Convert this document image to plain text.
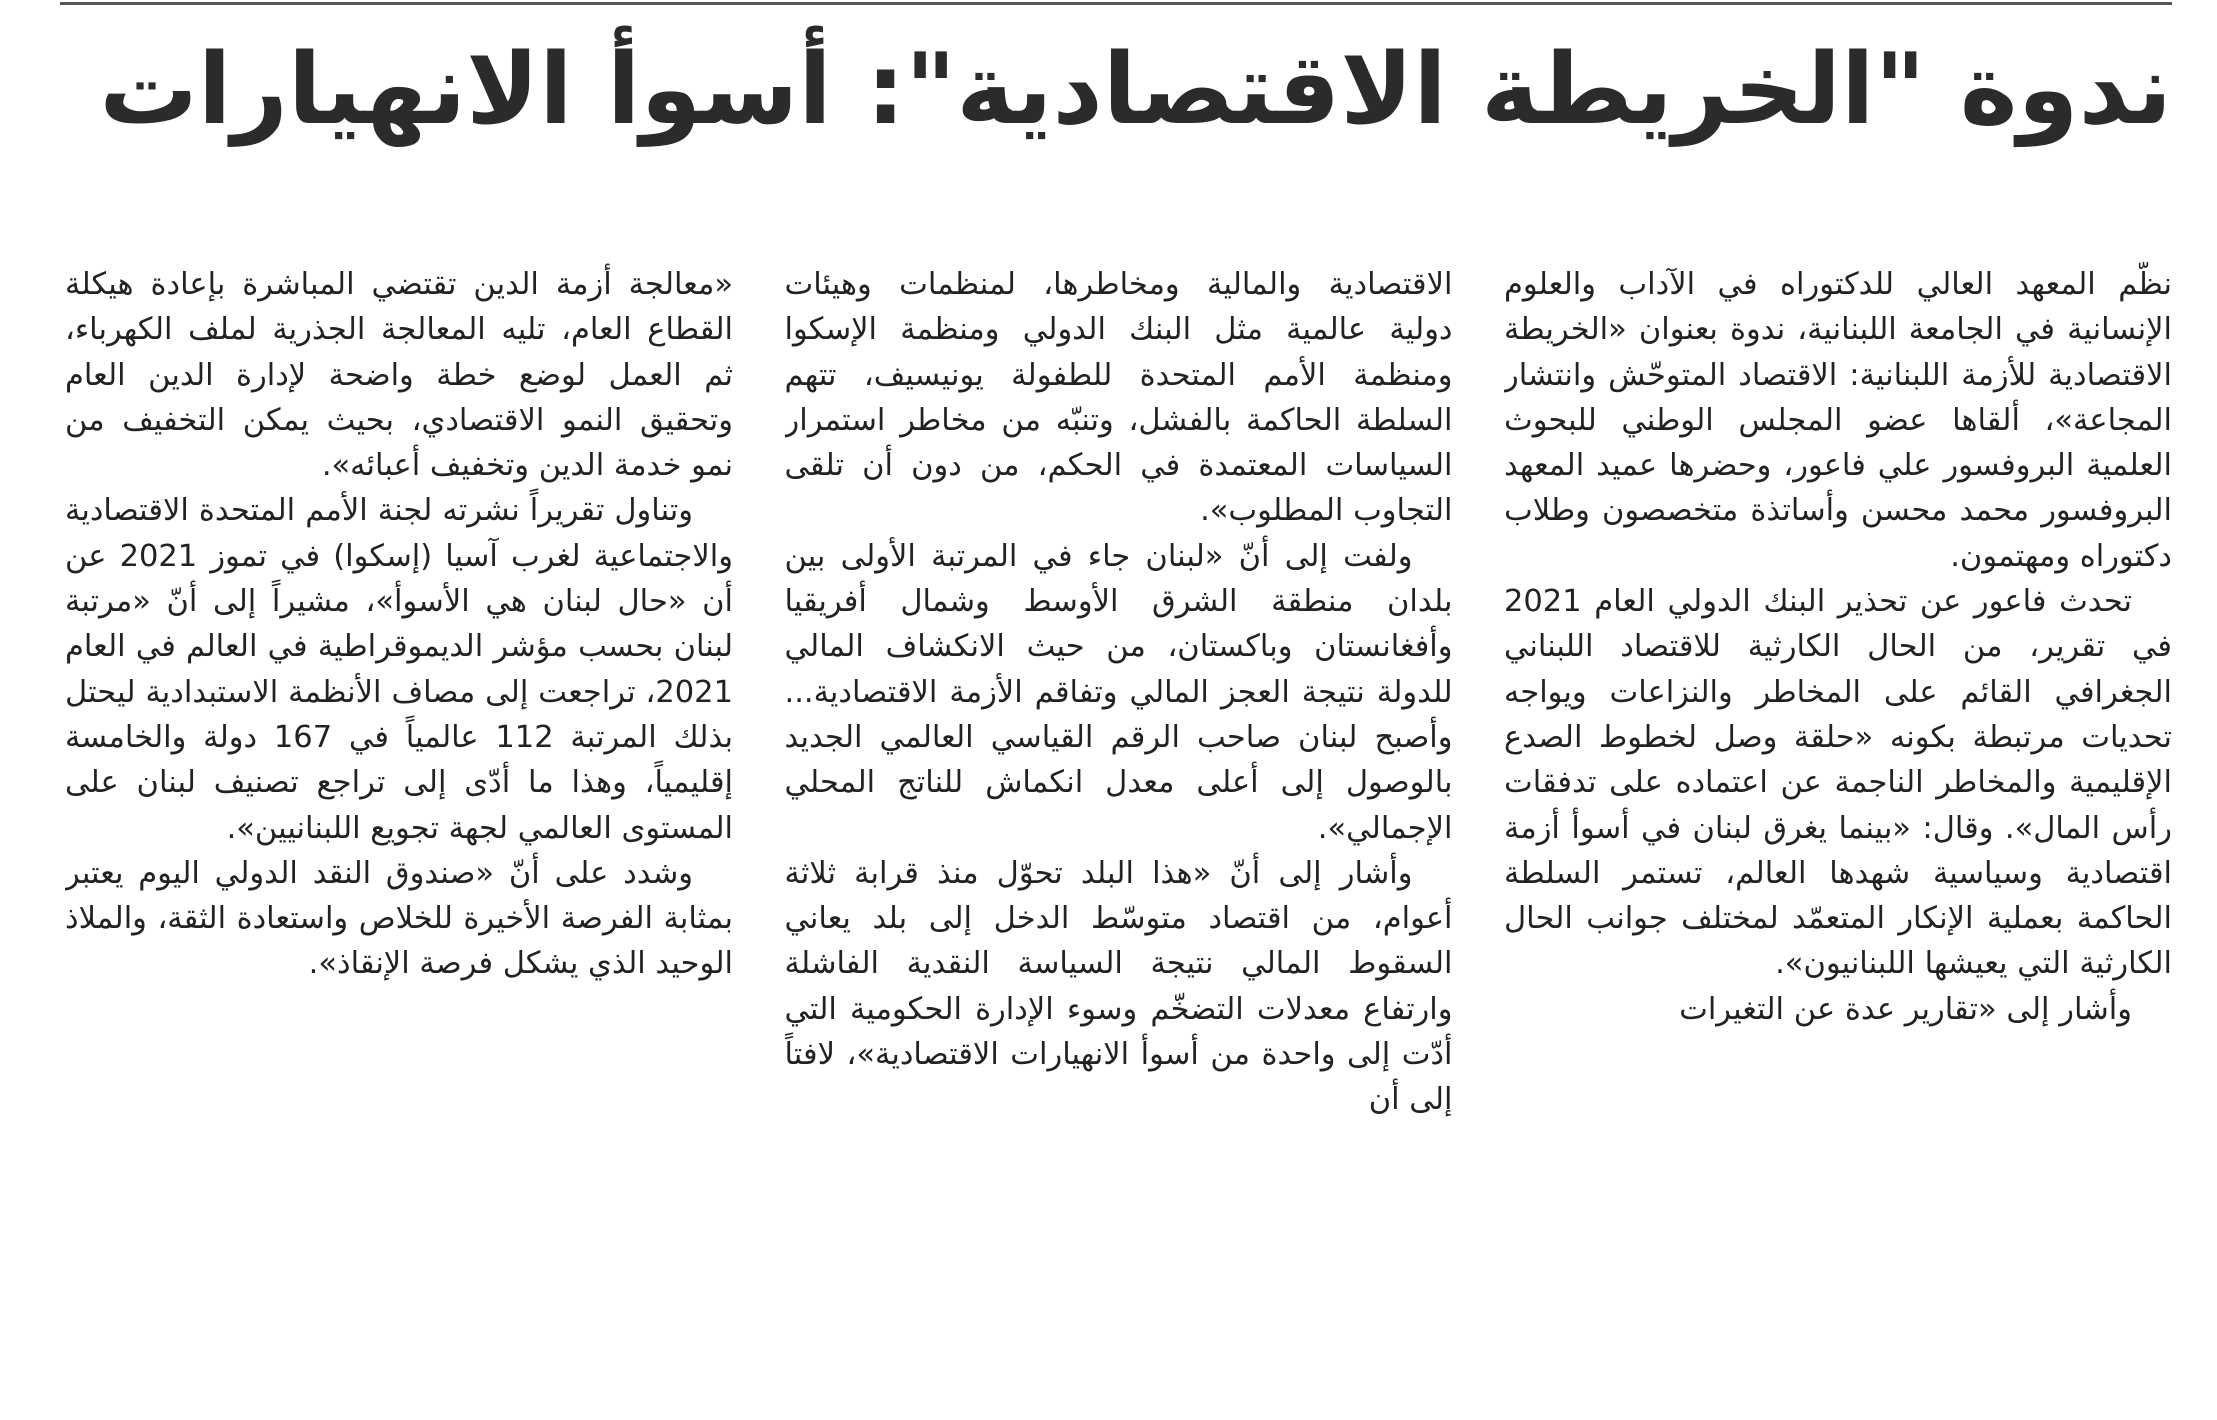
ندوة "الخريطة الاقتصادية": أسوأ الانهيارات

نظّم المعهد العالي للدكتوراه في الآداب والعلوم الإنسانية في الجامعة اللبنانية، ندوة بعنوان «الخريطة الاقتصادية للأزمة اللبنانية: الاقتصاد المتوحّش وانتشار المجاعة»، ألقاها عضو المجلس الوطني للبحوث العلمية البروفسور علي فاعور، وحضرها عميد المعهد البروفسور محمد محسن وأساتذة متخصصون وطلاب دكتوراه ومهتمون.

تحدث فاعور عن تحذير البنك الدولي العام 2021 في تقرير، من الحال الكارثية للاقتصاد اللبناني الجغرافي القائم على المخاطر والنزاعات ويواجه تحديات مرتبطة بكونه «حلقة وصل لخطوط الصدع الإقليمية والمخاطر الناجمة عن اعتماده على تدفقات رأس المال». وقال: «بينما يغرق لبنان في أسوأ أزمة اقتصادية وسياسية شهدها العالم، تستمر السلطة الحاكمة بعملية الإنكار المتعمّد لمختلف جوانب الحال الكارثية التي يعيشها اللبنانيون».

وأشار إلى «تقارير عدة عن التغيرات

الاقتصادية والمالية ومخاطرها، لمنظمات وهيئات دولية عالمية مثل البنك الدولي ومنظمة الإسكوا ومنظمة الأمم المتحدة للطفولة يونيسيف، تتهم السلطة الحاكمة بالفشل، وتنبّه من مخاطر استمرار السياسات المعتمدة في الحكم، من دون أن تلقى التجاوب المطلوب».

ولفت إلى أنّ «لبنان جاء في المرتبة الأولى بين بلدان منطقة الشرق الأوسط وشمال أفريقيا وأفغانستان وباكستان، من حيث الانكشاف المالي للدولة نتيجة العجز المالي وتفاقم الأزمة الاقتصادية... وأصبح لبنان صاحب الرقم القياسي العالمي الجديد بالوصول إلى أعلى معدل انكماش للناتج المحلي الإجمالي».

وأشار إلى أنّ «هذا البلد تحوّل منذ قرابة ثلاثة أعوام، من اقتصاد متوسّط الدخل إلى بلد يعاني السقوط المالي نتيجة السياسة النقدية الفاشلة وارتفاع معدلات التضخّم وسوء الإدارة الحكومية التي أدّت إلى واحدة من أسوأ الانهيارات الاقتصادية»، لافتاً إلى أن

«معالجة أزمة الدين تقتضي المباشرة بإعادة هيكلة القطاع العام، تليه المعالجة الجذرية لملف الكهرباء، ثم العمل لوضع خطة واضحة لإدارة الدين العام وتحقيق النمو الاقتصادي، بحيث يمكن التخفيف من نمو خدمة الدين وتخفيف أعبائه».

وتناول تقريراً نشرته لجنة الأمم المتحدة الاقتصادية والاجتماعية لغرب آسيا (إسكوا) في تموز 2021 عن أن «حال لبنان هي الأسوأ»، مشيراً إلى أنّ «مرتبة لبنان بحسب مؤشر الديموقراطية في العالم في العام 2021، تراجعت إلى مصاف الأنظمة الاستبدادية ليحتل بذلك المرتبة 112 عالمياً في 167 دولة والخامسة إقليمياً، وهذا ما أدّى إلى تراجع تصنيف لبنان على المستوى العالمي لجهة تجويع اللبنانيين».

وشدد على أنّ «صندوق النقد الدولي اليوم يعتبر بمثابة الفرصة الأخيرة للخلاص واستعادة الثقة، والملاذ الوحيد الذي يشكل فرصة الإنقاذ».
